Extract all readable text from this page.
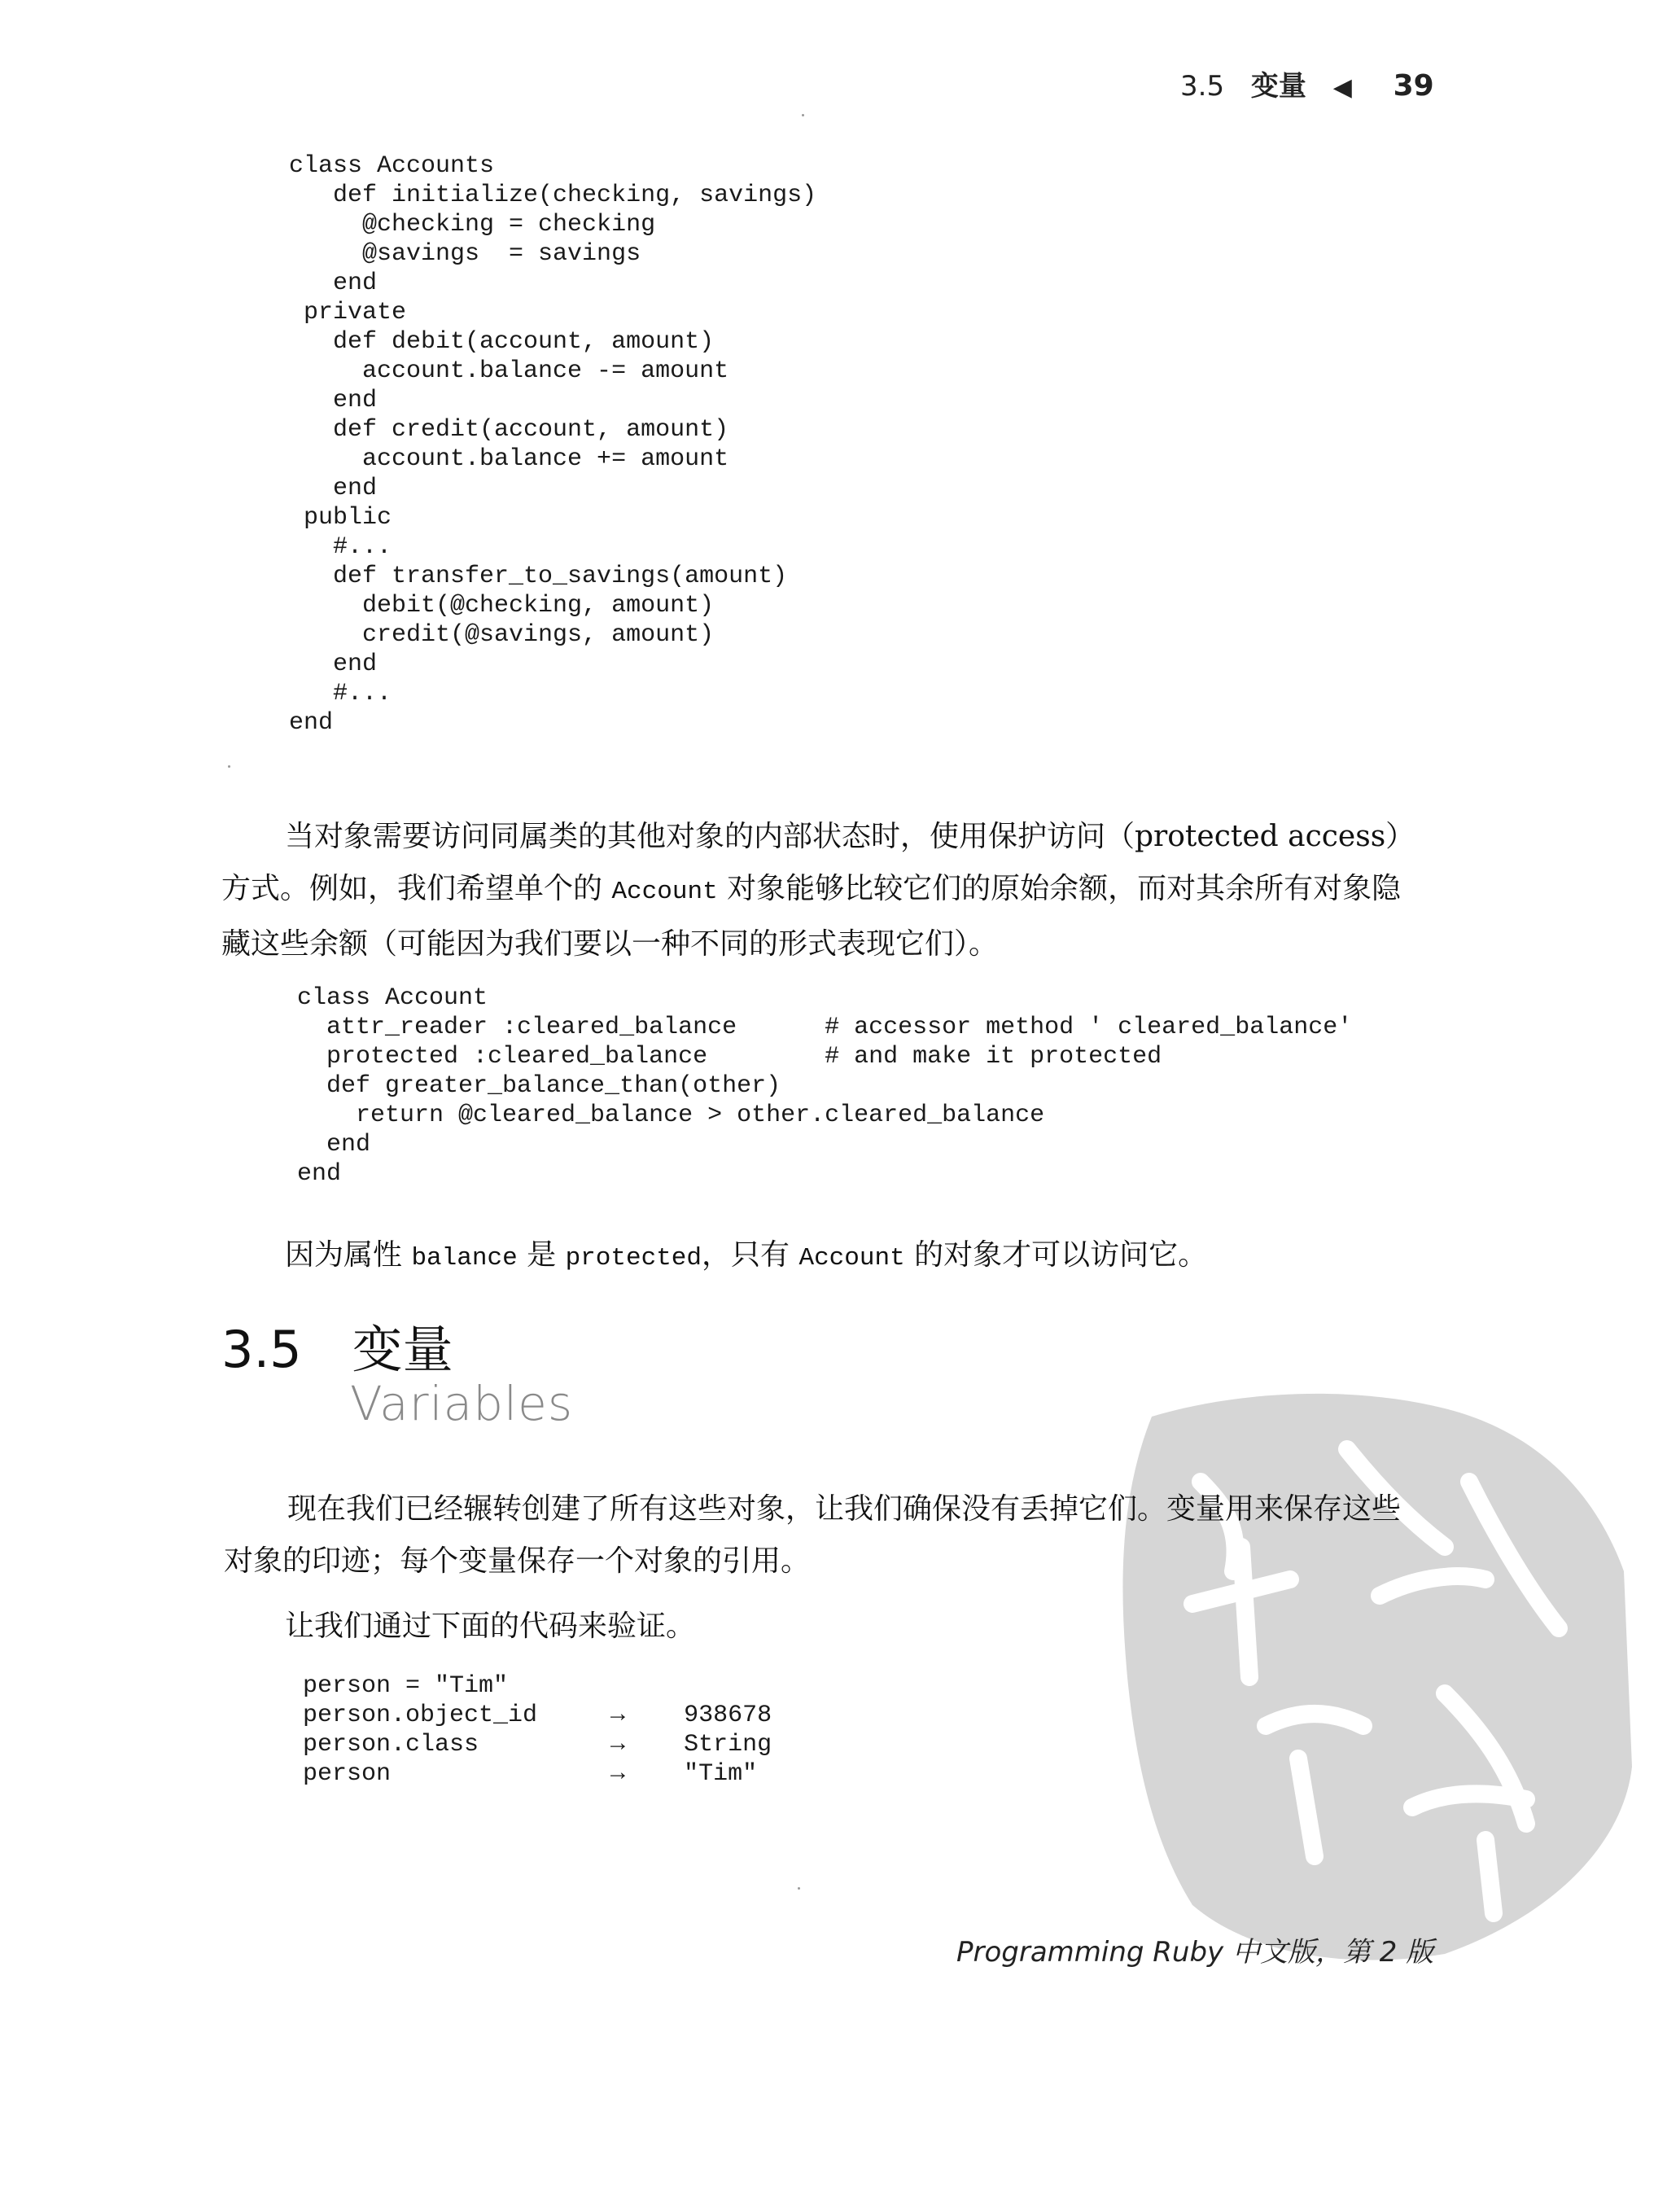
3.5 变量 ◀ 39
class Accounts
def initialize(checking, savings)
@checking = checking
@savings  = savings
end
private
def debit(account, amount)
account.balance -= amount
end
def credit(account, amount)
account.balance += amount
end
public
#...
def transfer_to_savings(amount)
debit(@checking, amount)
credit(@savings, amount)
end
#...
end

当对象需要访问同属类的其他对象的内部状态时，使用保护访问（protected access）方式。例如，我们希望单个的 Account 对象能够比较它们的原始余额，而对其余所有对象隐藏这些余额（可能因为我们要以一种不同的形式表现它们）。

class Account
attr_reader :cleared_balance      # accessor method ' cleared_balance'
protected :cleared_balance        # and make it protected
def greater_balance_than(other)
return @cleared_balance > other.cleared_balance
end
end

因为属性 balance 是 protected，只有 Account 的对象才可以访问它。

3.5 变量
Variables
Programming Ruby 中文版，第 2 版
person = "Tim"
person.object_id     →    938678
person.class         →    String
person               →    "Tim"

现在我们已经辗转创建了所有这些对象，让我们确保没有丢掉它们。变量用来保存这些对象的印迹；每个变量保存一个对象的引用。

让我们通过下面的代码来验证。
